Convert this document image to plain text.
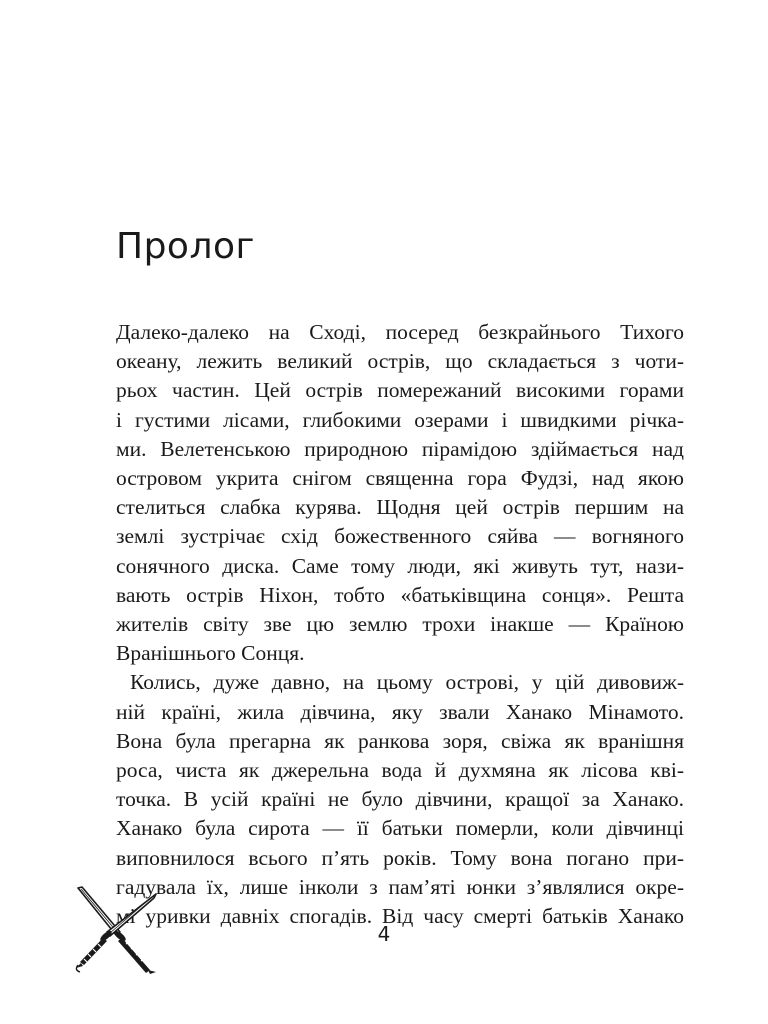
Пролог
Далеко-далеко на Сході, посеред безкрайнього Тихого
океану, лежить великий острів, що складається з чоти-
рьох частин. Цей острів помережаний високими горами
і густими лісами, глибокими озерами і швидкими річка-
ми. Велетенською природною пірамідою здіймається над
островом укрита снігом священна гора Фудзі, над якою
стелиться слабка курява. Щодня цей острів першим на
землі зустрічає схід божественного сяйва — вогняного
сонячного диска. Саме тому люди, які живуть тут, нази-
вають острів Ніхон, тобто «батьківщина сонця». Решта
жителів світу зве цю землю трохи інакше — Країною
Вранішнього Сонця.
Колись, дуже давно, на цьому острові, у цій дивовиж-
ній країні, жила дівчина, яку звали Ханако Мінамото.
Вона була прегарна як ранкова зоря, свіжа як вранішня
роса, чиста як джерельна вода й духмяна як лісова кві-
точка. В усій країні не було дівчини, кращої за Ханако.
Ханако була сирота — її батьки померли, коли дівчинці
виповнилося всього п’ять років. Тому вона погано при-
гадувала їх, лише інколи з пам’яті юнки з’являлися окре-
мі уривки давніх спогадів. Від часу смерті батьків Ханако
4
